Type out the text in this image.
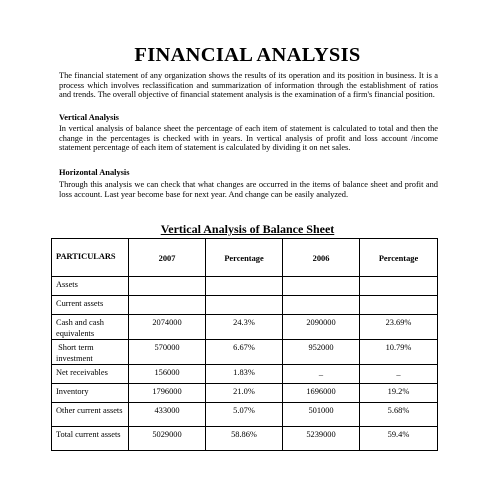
FINANCIAL ANALYSIS

The financial statement of any organization shows the results of its operation and its position in business. It is a process which involves reclassification and summarization of information through the establishment of ratios and trends. The overall objective of financial statement analysis is the examination of a firm's financial position.

Vertical Analysis

In vertical analysis of balance sheet the percentage of each item of statement is calculated to total and then the change in the percentages is checked with in years. In vertical analysis of profit and loss account /income statement percentage of each item of statement is calculated by dividing it on net sales.

Horizontal Analysis

Through this analysis we can check that what changes are occurred in the items of balance sheet and profit and loss account. Last year become base for next year. And change can be easily analyzed.

Vertical Analysis of Balance Sheet
PARTICULARS	2007	Percentage	2006	Percentage
Assets				
Current assets				
Cash and cash equivalents	2074000	24.3%	2090000	23.69%
Short term investment	570000	6.67%	952000	10.79%
Net receivables	156000	1.83%	_	_
Inventory	1796000	21.0%	1696000	19.2%
Other current assets	433000	5.07%	501000	5.68%
Total current assets	5029000	58.86%	5239000	59.4%
